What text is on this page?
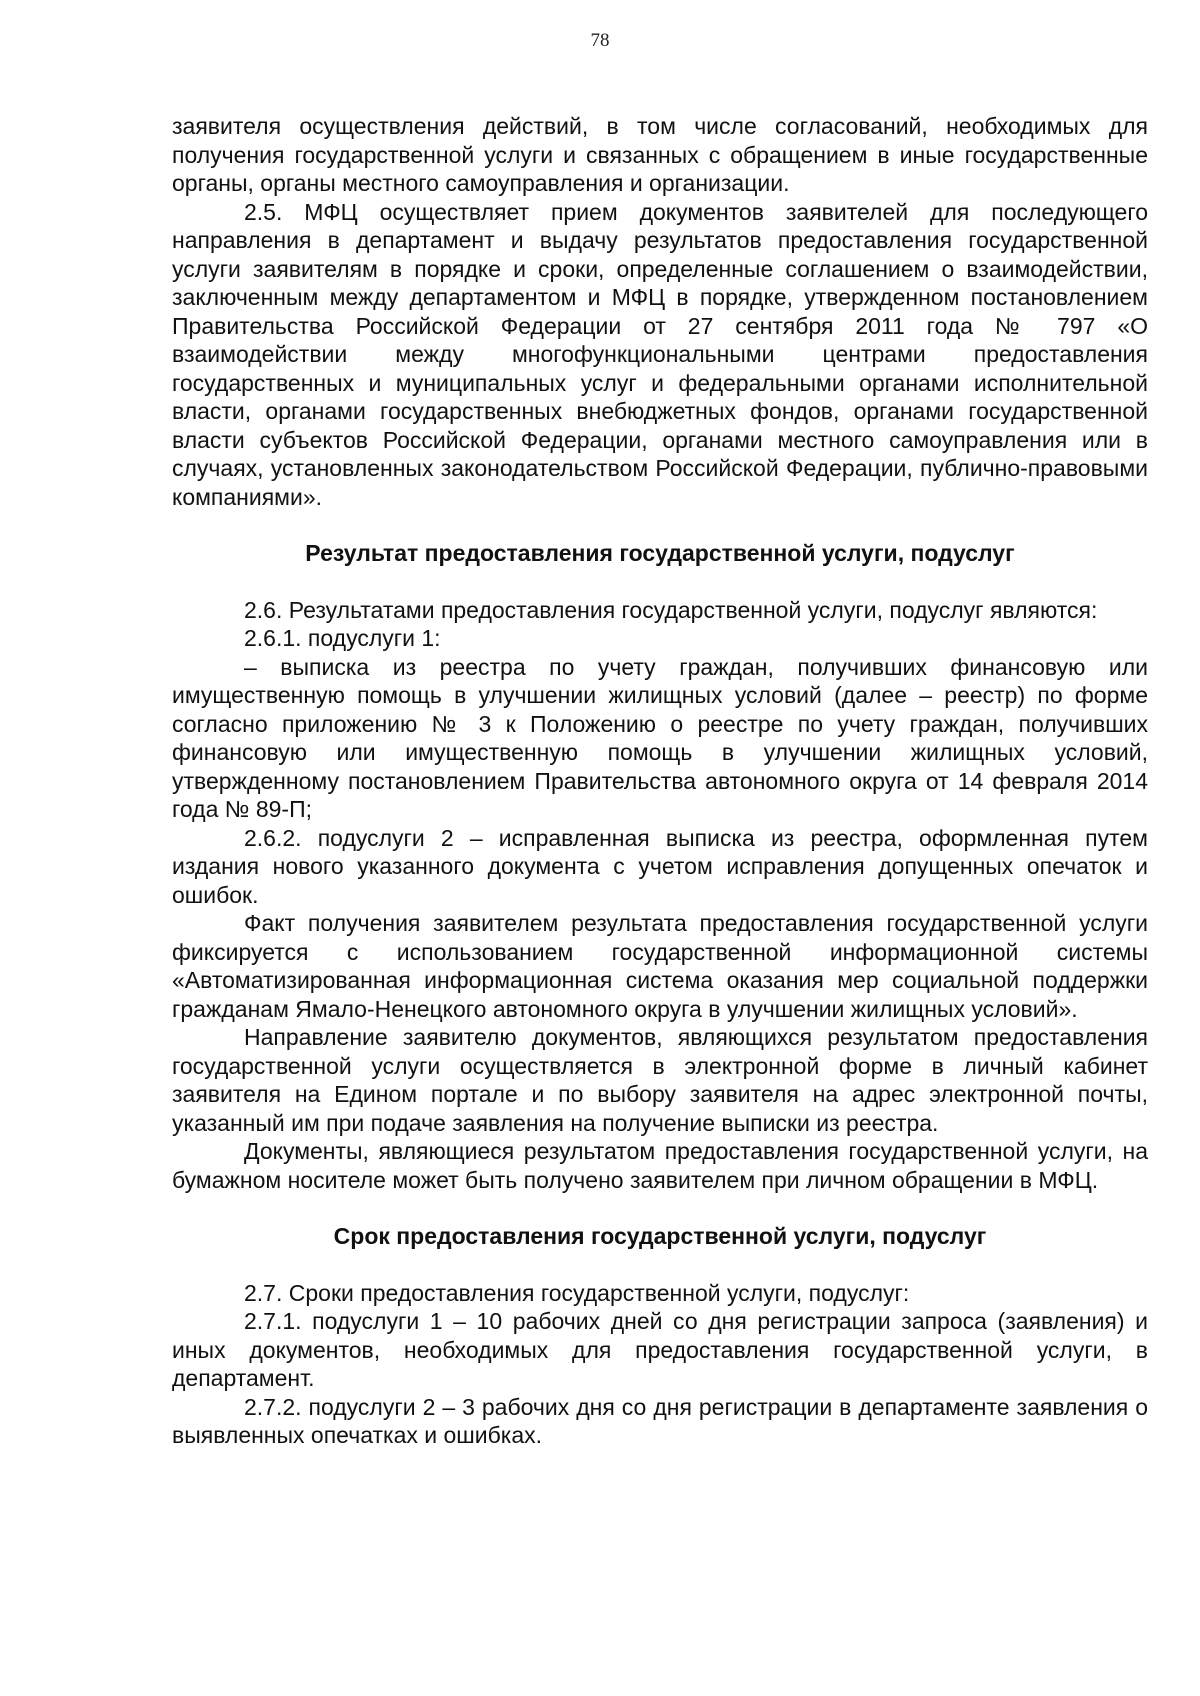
78

заявителя осуществления действий, в том числе согласований, необходимых для получения государственной услуги и связанных с обращением в иные государственные органы, органы местного самоуправления и организации.

2.5. МФЦ осуществляет прием документов заявителей для последующего направления в департамент и выдачу результатов предоставления государственной услуги заявителям в порядке и сроки, определенные соглашением о взаимодействии, заключенным между департаментом и МФЦ в порядке, утвержденном постановлением Правительства Российской Федерации от 27 сентября 2011 года № 797 «О взаимодействии между многофункциональными центрами предоставления государственных и муниципальных услуг и федеральными органами исполнительной власти, органами государственных внебюджетных фондов, органами государственной власти субъектов Российской Федерации, органами местного самоуправления или в случаях, установленных законодательством Российской Федерации, публично-правовыми компаниями».

Результат предоставления государственной услуги, подуслуг

2.6. Результатами предоставления государственной услуги, подуслуг являются:

2.6.1. подуслуги 1:

– выписка из реестра по учету граждан, получивших финансовую или имущественную помощь в улучшении жилищных условий (далее – реестр) по форме согласно приложению № 3 к Положению о реестре по учету граждан, получивших финансовую или имущественную помощь в улучшении жилищных условий, утвержденному постановлением Правительства автономного округа от 14 февраля 2014 года № 89-П;

2.6.2. подуслуги 2 – исправленная выписка из реестра, оформленная путем издания нового указанного документа с учетом исправления допущенных опечаток и ошибок.

Факт получения заявителем результата предоставления государственной услуги фиксируется с использованием государственной информационной системы «Автоматизированная информационная система оказания мер социальной поддержки гражданам Ямало-Ненецкого автономного округа в улучшении жилищных условий».

Направление заявителю документов, являющихся результатом предоставления государственной услуги осуществляется в электронной форме в личный кабинет заявителя на Едином портале и по выбору заявителя на адрес электронной почты, указанный им при подаче заявления на получение выписки из реестра.

Документы, являющиеся результатом предоставления государственной услуги, на бумажном носителе может быть получено заявителем при личном обращении в МФЦ.

Срок предоставления государственной услуги, подуслуг

2.7. Сроки предоставления государственной услуги, подуслуг:

2.7.1. подуслуги 1 – 10 рабочих дней со дня регистрации запроса (заявления) и иных документов, необходимых для предоставления государственной услуги, в департамент.

2.7.2. подуслуги 2 – 3 рабочих дня со дня регистрации в департаменте заявления о выявленных опечатках и ошибках.
